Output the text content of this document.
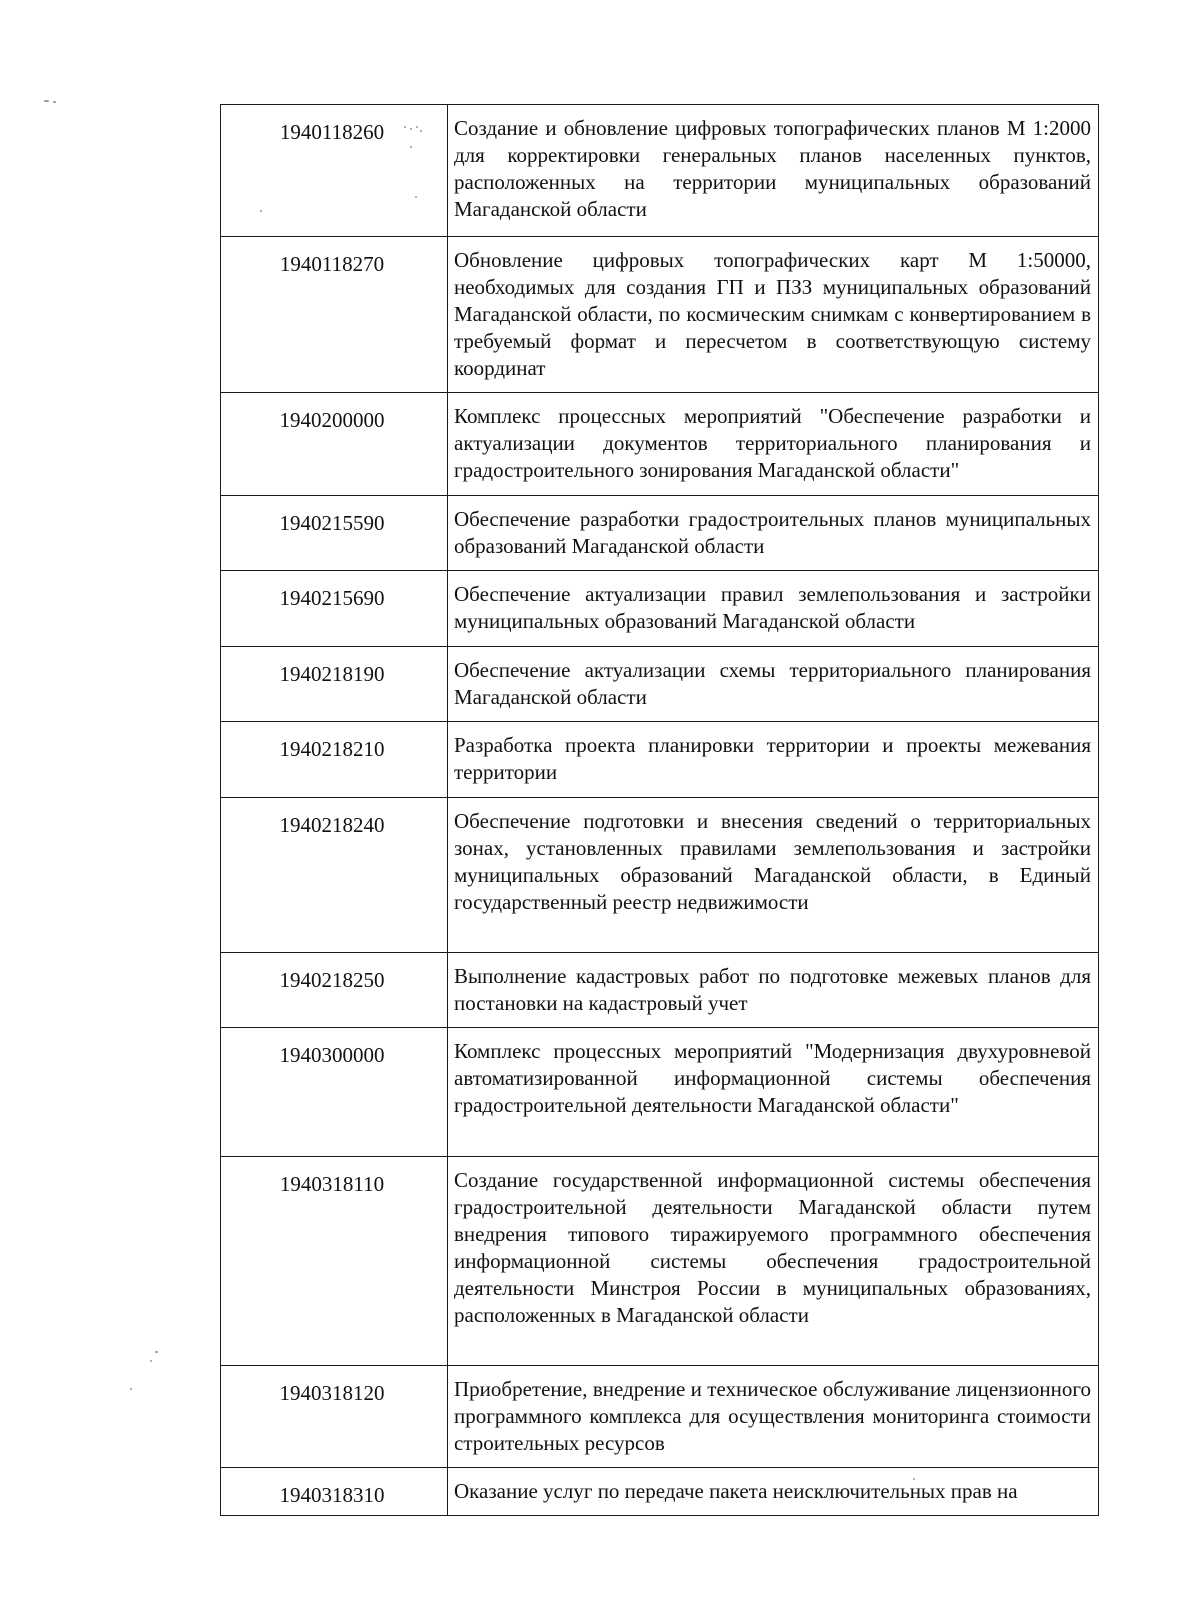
1940118260	Создание и обновление цифровых топографических планов М 1:2000 для корректировки генеральных планов населенных пунктов, расположенных на территории муниципальных образований Магаданской области
1940118270	Обновление цифровых топографических карт М 1:50000, необходимых для создания ГП и ПЗЗ муниципальных образований Магаданской области, по космическим снимкам с конвертированием в требуемый формат и пересчетом в соответствующую систему координат
1940200000	Комплекс процессных мероприятий "Обеспечение разработки и актуализации документов территориального планирования и градостроительного зонирования Магаданской области"
1940215590	Обеспечение разработки градостроительных планов муниципальных образований Магаданской области
1940215690	Обеспечение актуализации правил землепользования и застройки муниципальных образований Магаданской области
1940218190	Обеспечение актуализации схемы территориального планирования Магаданской области
1940218210	Разработка проекта планировки территории и проекты межевания территории
1940218240	Обеспечение подготовки и внесения сведений о территориальных зонах, установленных правилами землепользования и застройки муниципальных образований Магаданской области, в Единый государственный реестр недвижимости
1940218250	Выполнение кадастровых работ по подготовке межевых планов для постановки на кадастровый учет
1940300000	Комплекс процессных мероприятий "Модернизация двухуровневой автоматизированной информационной системы обеспечения градостроительной деятельности Магаданской области"
1940318110	Создание государственной информационной системы обеспечения градостроительной деятельности Магаданской области путем внедрения типового тиражируемого программного обеспечения информационной системы обеспечения градостроительной деятельности Минстроя России в муниципальных образованиях, расположенных в Магаданской области
1940318120	Приобретение, внедрение и техническое обслуживание лицензионного программного комплекса для осуществления мониторинга стоимости строительных ресурсов
1940318310	Оказание услуг по передаче пакета неисключительных прав на
